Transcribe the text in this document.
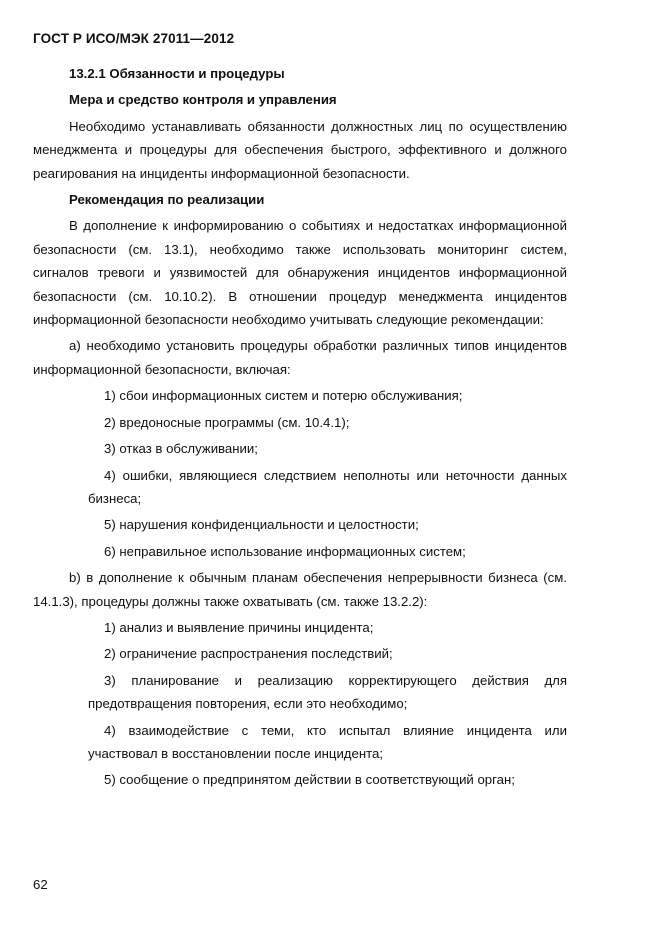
ГОСТ Р ИСО/МЭК 27011—2012

13.2.1 Обязанности и процедуры

Мера и средство контроля и управления

Необходимо устанавливать обязанности должностных лиц по осуществлению менеджмента и процедуры для обеспечения быстрого, эффективного и должного реагирования на инциденты информационной безопасности.

Рекомендация по реализации

В дополнение к информированию о событиях и недостатках информационной безопасности (см. 13.1), необходимо также использовать мониторинг систем, сигналов тревоги и уязвимостей для обнаружения инцидентов информационной безопасности (см. 10.10.2). В отношении процедур менеджмента инцидентов информационной безопасности необходимо учитывать следующие рекомендации:

a) необходимо установить процедуры обработки различных типов инцидентов информационной безопасности, включая:

1) сбои информационных систем и потерю обслуживания;

2) вредоносные программы (см. 10.4.1);

3) отказ в обслуживании;

4) ошибки, являющиеся следствием неполноты или неточности данных бизнеса;

5) нарушения конфиденциальности и целостности;

6) неправильное использование информационных систем;

b) в дополнение к обычным планам обеспечения непрерывности бизнеса (см. 14.1.3), процедуры должны также охватывать (см. также 13.2.2):

1) анализ и выявление причины инцидента;

2) ограничение распространения последствий;

3) планирование и реализацию корректирующего действия для предотвращения повторения, если это необходимо;

4) взаимодействие с теми, кто испытал влияние инцидента или участвовал в восстановлении после инцидента;

5) сообщение о предпринятом действии в соответствующий орган;

62
